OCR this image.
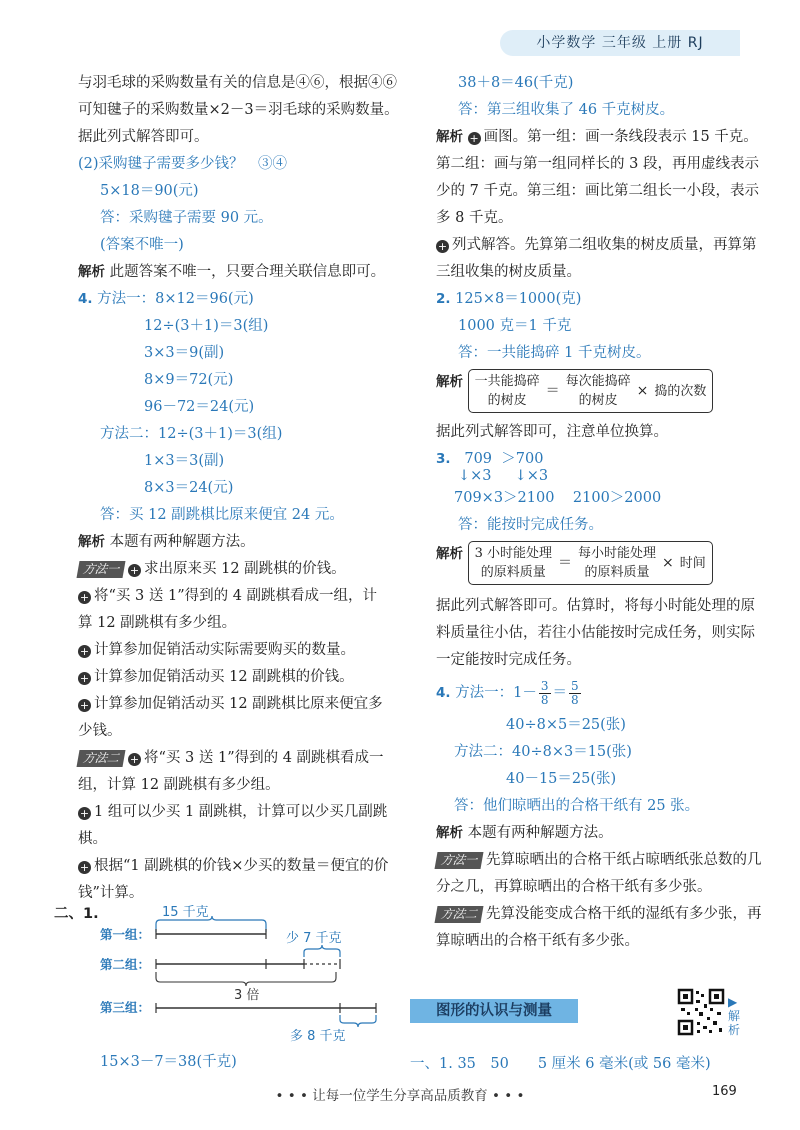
小学数学 三年级 上册 RJ
与羽毛球的采购数量有关的信息是④⑥，根据④⑥
可知毽子的采购数量×2－3＝羽毛球的采购数量。
据此列式解答即可。
(2)采购毽子需要多少钱？　③④
5×18＝90(元)
答：采购毽子需要 90 元。
(答案不唯一)
解析 此题答案不唯一，只要合理关联信息即可。
4. 方法一：8×12＝96(元)
12÷(3＋1)＝3(组)
3×3＝9(副)
8×9＝72(元)
96－72＝24(元)
方法二：12÷(3＋1)＝3(组)
1×3＝3(副)
8×3＝24(元)
答：买 12 副跳棋比原来便宜 24 元。
解析 本题有两种解题方法。
方法一 + 求出原来买 12 副跳棋的价钱。
+ 将“买 3 送 1”得到的 4 副跳棋看成一组，计算 12 副跳棋有多少组。
+ 计算参加促销活动实际需要购买的数量。
+ 计算参加促销活动买 12 副跳棋的价钱。
+ 计算参加促销活动买 12 副跳棋比原来便宜多少钱。
方法二 + 将“买 3 送 1”得到的 4 副跳棋看成一组，计算 12 副跳棋有多少组。
+ 1 组可以少买 1 副跳棋，计算可以少买几副跳棋。
+ 根据“1 副跳棋的价钱×少买的数量＝便宜的价钱”计算。
二、1.	15 千克
第一组：
第二组：
第三组：
少 7 千克
3 倍
多 8 千克
15×3－7＝38(千克)
38＋8＝46(千克)
答：第三组收集了 46 千克树皮。
解析 + 画图。第一组：画一条线段表示 15 千克。第二组：画与第一组同样长的 3 段，再用虚线表示少的 7 千克。第三组：画比第二组长一小段，表示多 8 千克。
+ 列式解答。先算第二组收集的树皮质量，再算第三组收集的树皮质量。
2. 125×8＝1000(克)
1000 克＝1 千克
答：一共能捣碎 1 千克树皮。
解析 一共能捣碎
的树皮＝每次能捣碎
的树皮× 捣的次数
据此列式解答即可，注意单位换算。
3. 709 ＞700
↓×3 ↓×3
709×3＞2100 2100＞2000
答：能按时完成任务。
解析 3 小时能处理
的原料质量＝每小时能处理
的原料质量× 时间
据此列式解答即可。估算时，将每小时能处理的原料质量往小估，若往小估能按时完成任务，则实际一定能按时完成任务。
4. 方法一：$1- \frac{3}{8} = \frac{5}{8}$
40÷8×5＝25(张)
方法二：40÷8×3＝15(张)
40－15＝25(张)
答：他们晾晒出的合格干纸有 25 张。
解析 本题有两种解题方法。
方法一 先算晾晒出的合格干纸占晾晒纸张总数的几分之几，再算晾晒出的合格干纸有多少张。
方法二 先算没能变成合格干纸的湿纸有多少张，再算晾晒出的合格干纸有多少张。
图形的认识与测量
▶解析
一、1. 35　50　　5 厘米 6 毫米(或 56 毫米)
• • • 让每一位学生分享高品质教育 • • •	169
